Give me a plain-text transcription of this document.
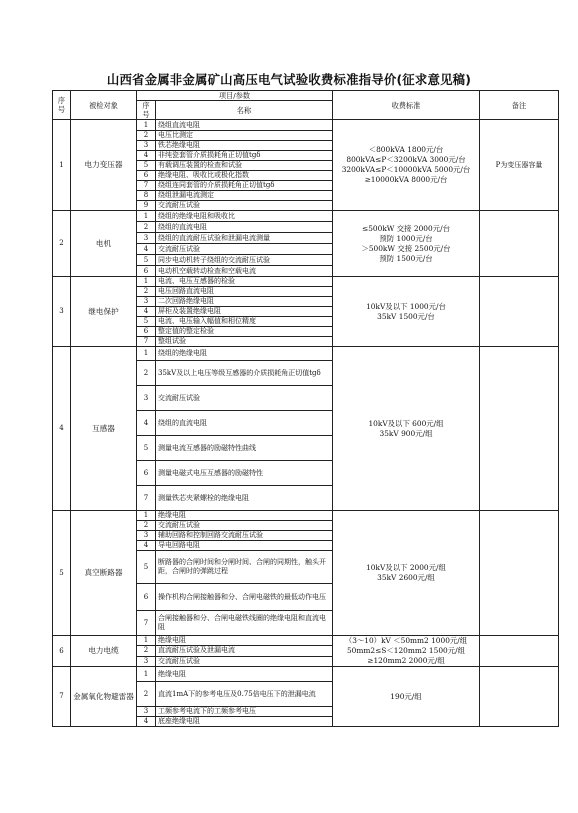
山西省金属非金属矿山高压电气试验收费标准指导价(征求意见稿)
序号	被检对象	项目/参数		收费标准	备注
		序号	名称		
1	电力变压器	1	绕组直流电阻	＜800kVA 1800元/台
800kVA≤P＜3200kVA 3000元/台
3200kVA≤P＜10000kVA 5000元/台
≥10000kVA 8000元/台	P为变压器容量
		2	电压比测定		
		3	铁芯绝缘电阻		
		4	非纯瓷套管介质损耗角正切值tgδ		
		5	有载调压装置的检查和试验		
		6	绝缘电阻、吸收比或极化指数		
		7	绕组连同套管的介质损耗角正切值tgδ		
		8	绕组泄漏电流测定		
		9	交流耐压试验		
2	电机	1	绕组的绝缘电阻和吸收比	≤500kW 交接 2000元/台
预防 1000元/台
＞500kW 交接 2500元/台
预防 1500元/台	
		2	绕组的直流电阻		
		3	绕组的直流耐压试验和泄漏电流测量		
		4	交流耐压试验		
		5	同步电动机转子绕组的交流耐压试验		
		6	电动机空载转动检查和空载电流		
3	继电保护	1	电流、电压互感器的检验	10kV及以下 1000元/台
35kV 1500元/台	
		2	电压回路直流电阻		
		3	二次回路绝缘电阻		
		4	屏柜及装置绝缘电阻		
		5	电流、电压输入幅值和相位精度		
		6	整定值的整定检验		
		7	整组试验		
4	互感器	1	绕组的绝缘电阻	10kV及以下 600元/组
35kV 900元/组	
		2	35kV及以上电压等级互感器的介质损耗角正切值tgδ		
		3	交流耐压试验		
		4	绕组的直流电阻		
		5	测量电流互感器的励磁特性曲线		
		6	测量电磁式电压互感器的励磁特性		
		7	测量铁芯夹紧螺栓的绝缘电阻		
5	真空断路器	1	绝缘电阻	10kV及以下 2000元/组
35kV 2600元/组	
		2	交流耐压试验		
		3	辅助回路和控制回路交流耐压试验		
		4	导电回路电阻		
		5	断路器的合闸时间和分闸时间、合闸的同期性，触头开距，合闸时的弹跳过程		
		6	操作机构合闸接触器和分、合闸电磁铁的最低动作电压		
		7	合闸接触器和分、合闸电磁铁线圈的绝缘电阻和直流电阻		
6	电力电缆	1	绝缘电阻	（3～10）kV ＜50mm2 1000元/组
50mm2≤S＜120mm2 1500元/组
≥120mm2 2000元/组	
		2	直流耐压试验及泄漏电流		
		3	交流耐压试验		
7	金属氧化物避雷器	1	绝缘电阻	190元/组	
		2	直流1mA下的参考电压及0.75倍电压下的泄漏电流		
		3	工频参考电流下的工频参考电压		
		4	底座绝缘电阻		
